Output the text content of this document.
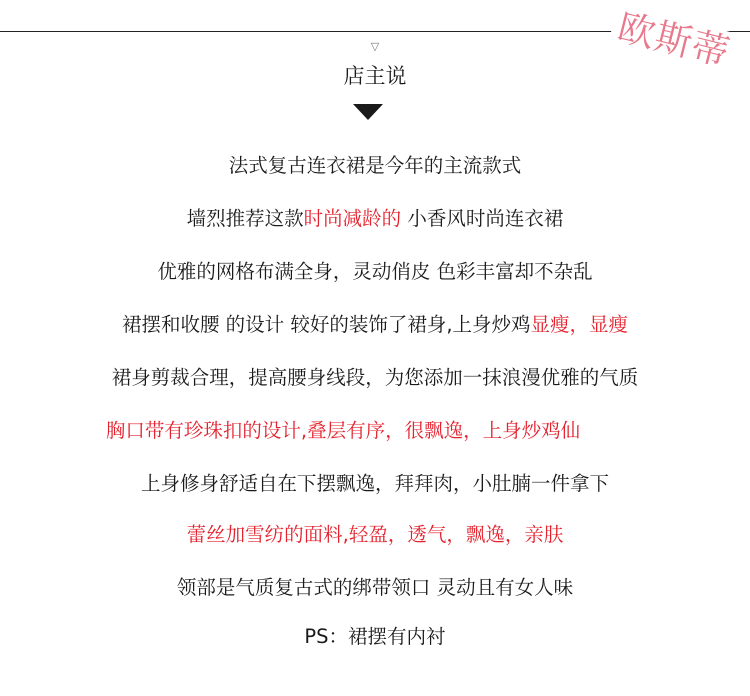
欧斯蒂
▽
店主说
法式复古连衣裙是今年的主流款式
墙烈推荐这款时尚减龄的 小香风时尚连衣裙
优雅的网格布满全身，灵动俏皮 色彩丰富却不杂乱
裙摆和收腰 的设计 较好的装饰了裙身,上身炒鸡显瘦，显瘦
裙身剪裁合理，提高腰身线段，为您添加一抹浪漫优雅的气质
胸口带有珍珠扣的设计,叠层有序，很飘逸，上身炒鸡仙
上身修身舒适自在下摆飘逸，拜拜肉，小肚腩一件拿下
蕾丝加雪纺的面料,轻盈，透气，飘逸，亲肤
领部是气质复古式的绑带领口 灵动且有女人味
PS：裙摆有内衬
